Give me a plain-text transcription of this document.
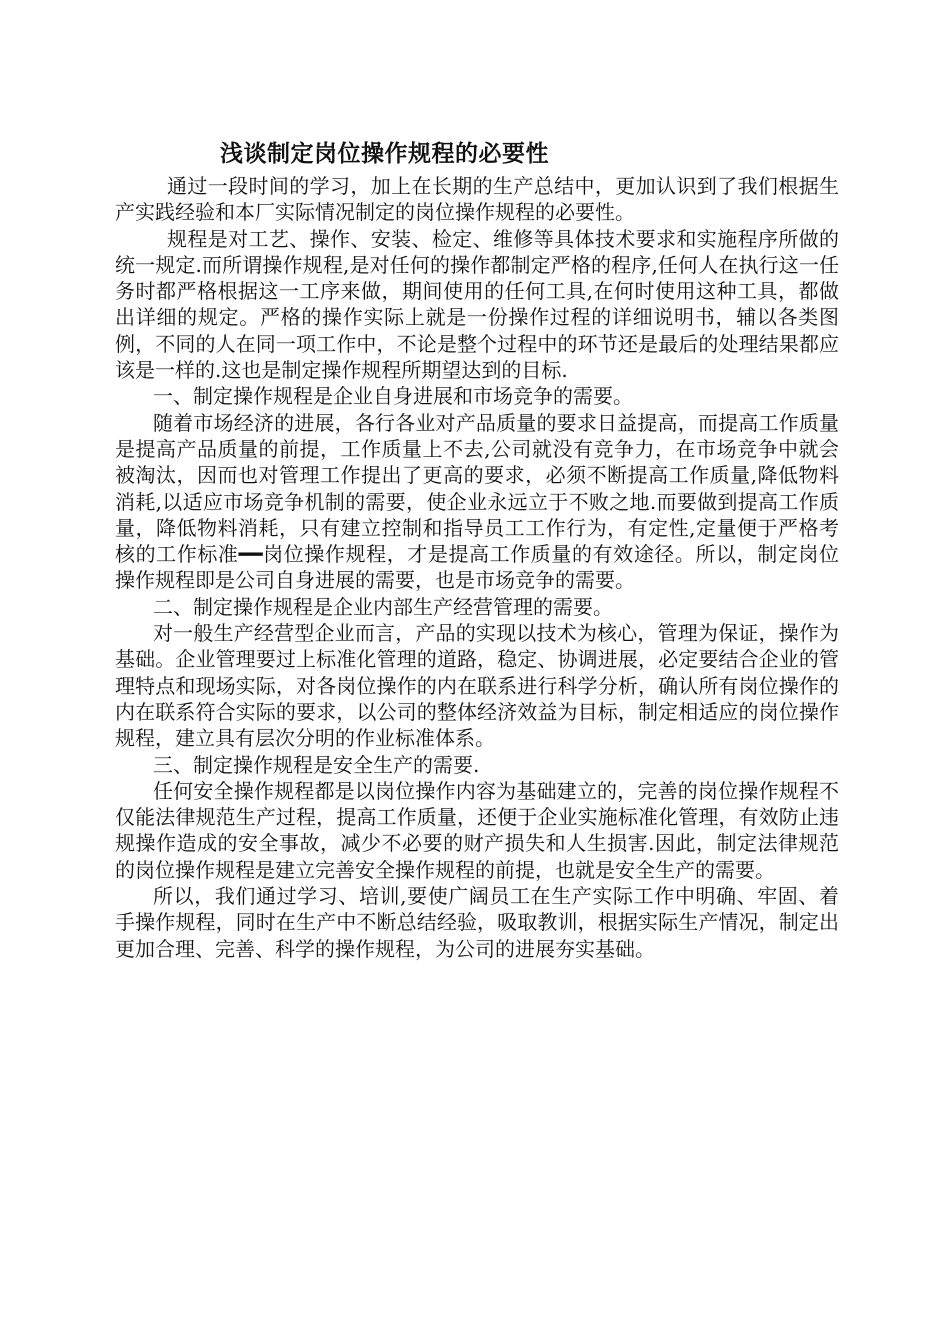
浅谈制定岗位操作规程的必要性

通过一段时间的学习，加上在长期的生产总结中，更加认识到了我们根据生产实践经验和本厂实际情况制定的岗位操作规程的必要性。

规程是对工艺、操作、安装、检定、维修等具体技术要求和实施程序所做的统一规定.而所谓操作规程,是对任何的操作都制定严格的程序,任何人在执行这一任务时都严格根据这一工序来做，期间使用的任何工具,在何时使用这种工具，都做出详细的规定。严格的操作实际上就是一份操作过程的详细说明书，辅以各类图例，不同的人在同一项工作中，不论是整个过程中的环节还是最后的处理结果都应该是一样的.这也是制定操作规程所期望达到的目标.

一、制定操作规程是企业自身进展和市场竞争的需要。

随着市场经济的进展，各行各业对产品质量的要求日益提高，而提高工作质量是提高产品质量的前提，工作质量上不去,公司就没有竞争力，在市场竞争中就会被淘汰，因而也对管理工作提出了更高的要求，必须不断提高工作质量,降低物料消耗,以适应市场竞争机制的需要，使企业永远立于不败之地.而要做到提高工作质量，降低物料消耗，只有建立控制和指导员工工作行为，有定性,定量便于严格考核的工作标准━━岗位操作规程，才是提高工作质量的有效途径。所以，制定岗位操作规程即是公司自身进展的需要，也是市场竞争的需要。

二、制定操作规程是企业内部生产经营管理的需要。

对一般生产经营型企业而言，产品的实现以技术为核心，管理为保证，操作为基础。企业管理要过上标准化管理的道路，稳定、协调进展，必定要结合企业的管理特点和现场实际，对各岗位操作的内在联系进行科学分析，确认所有岗位操作的内在联系符合实际的要求，以公司的整体经济效益为目标，制定相适应的岗位操作规程，建立具有层次分明的作业标准体系。

三、制定操作规程是安全生产的需要.

任何安全操作规程都是以岗位操作内容为基础建立的，完善的岗位操作规程不仅能法律规范生产过程，提高工作质量，还便于企业实施标准化管理，有效防止违规操作造成的安全事故，减少不必要的财产损失和人生损害.因此，制定法律规范的岗位操作规程是建立完善安全操作规程的前提，也就是安全生产的需要。

所以，我们通过学习、培训,要使广阔员工在生产实际工作中明确、牢固、着手操作规程，同时在生产中不断总结经验，吸取教训，根据实际生产情况，制定出更加合理、完善、科学的操作规程，为公司的进展夯实基础。
